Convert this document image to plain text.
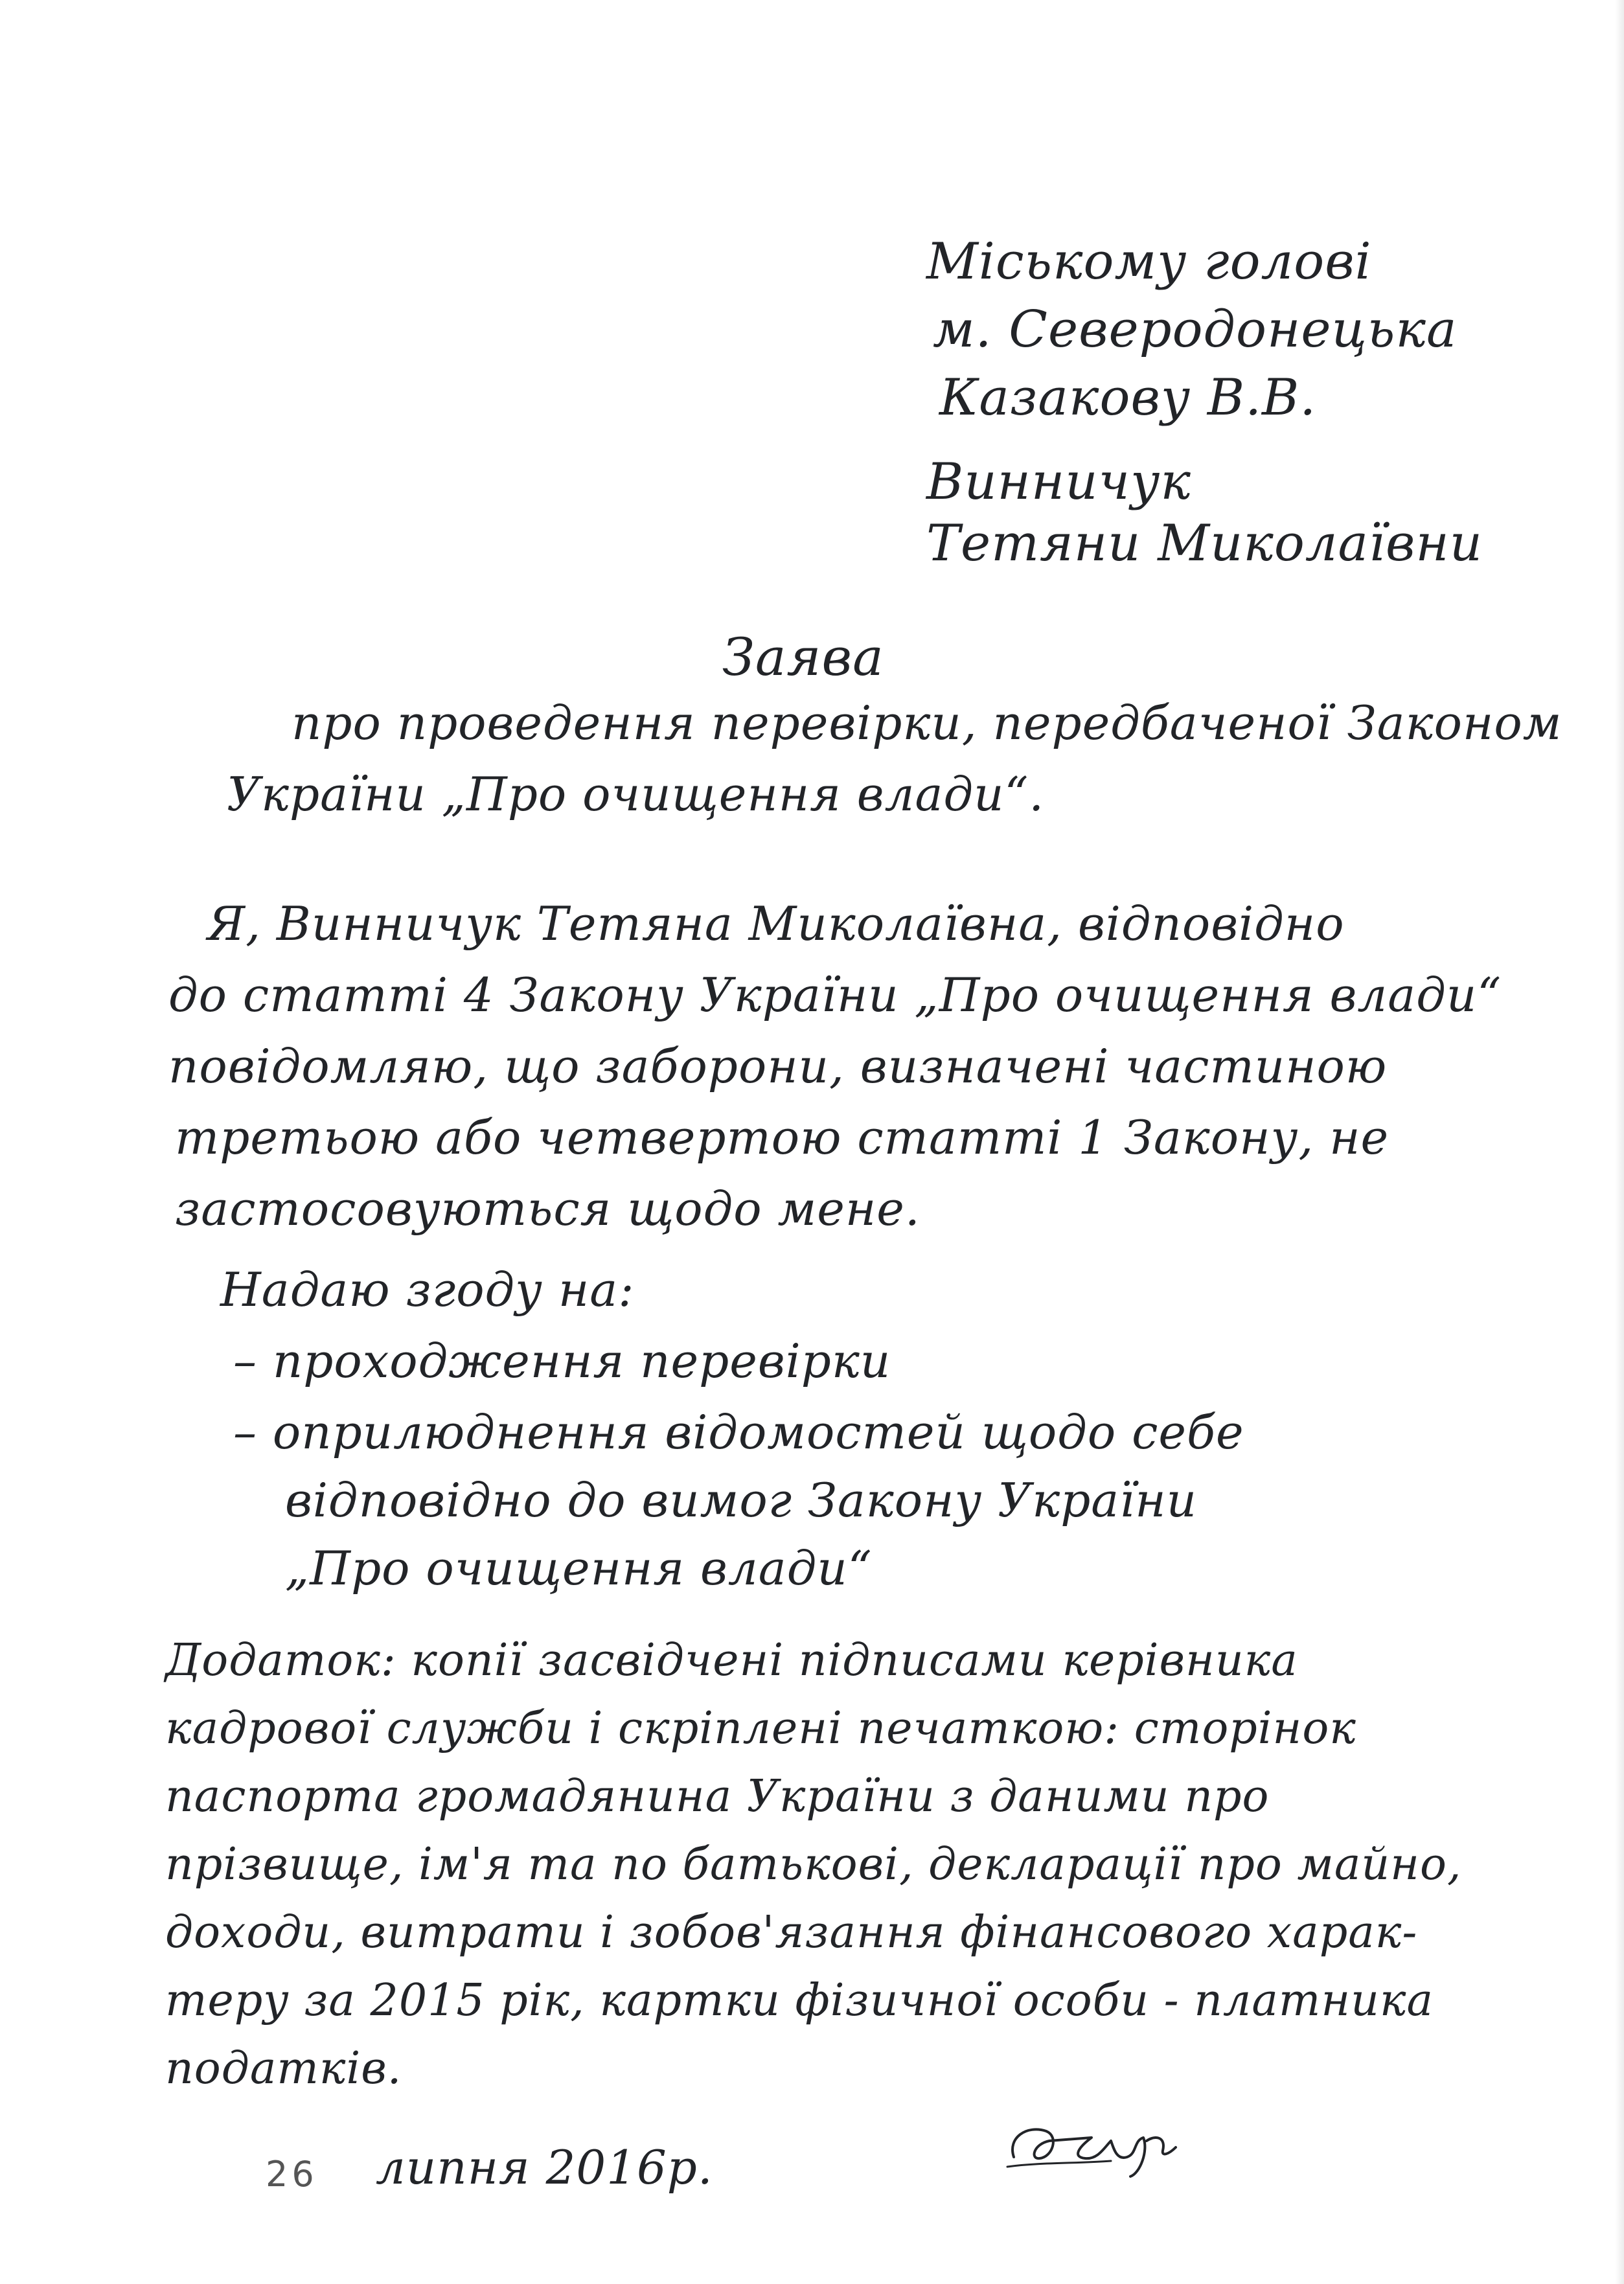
Міському голові
м. Северодонецька
Казакову В.В.
Винничук
Тетяни Миколаївни
Заява
про проведення перевірки, передбаченої Законом
України „Про очищення влади“.
Я, Винничук Тетяна Миколаївна, відповідно
до статті 4 Закону України „Про очищення влади“
повідомляю, що заборони, визначені частиною
третьою або четвертою статті 1 Закону, не
застосовуються щодо мене.
Надаю згоду на:
– проходження перевірки
– оприлюднення відомостей щодо себе
відповідно до вимог Закону України
„Про очищення влади“
Додаток: копії засвідчені підписами керівника
кадрової служби і скріплені печаткою: сторінок
паспорта громадянина України з даними про
прізвище, ім'я та по батькові, декларації про майно,
доходи, витрати і зобов'язання фінансового харак-
теру за 2015 рік, картки фізичної особи - платника
податків.
26 липня 2016р.
